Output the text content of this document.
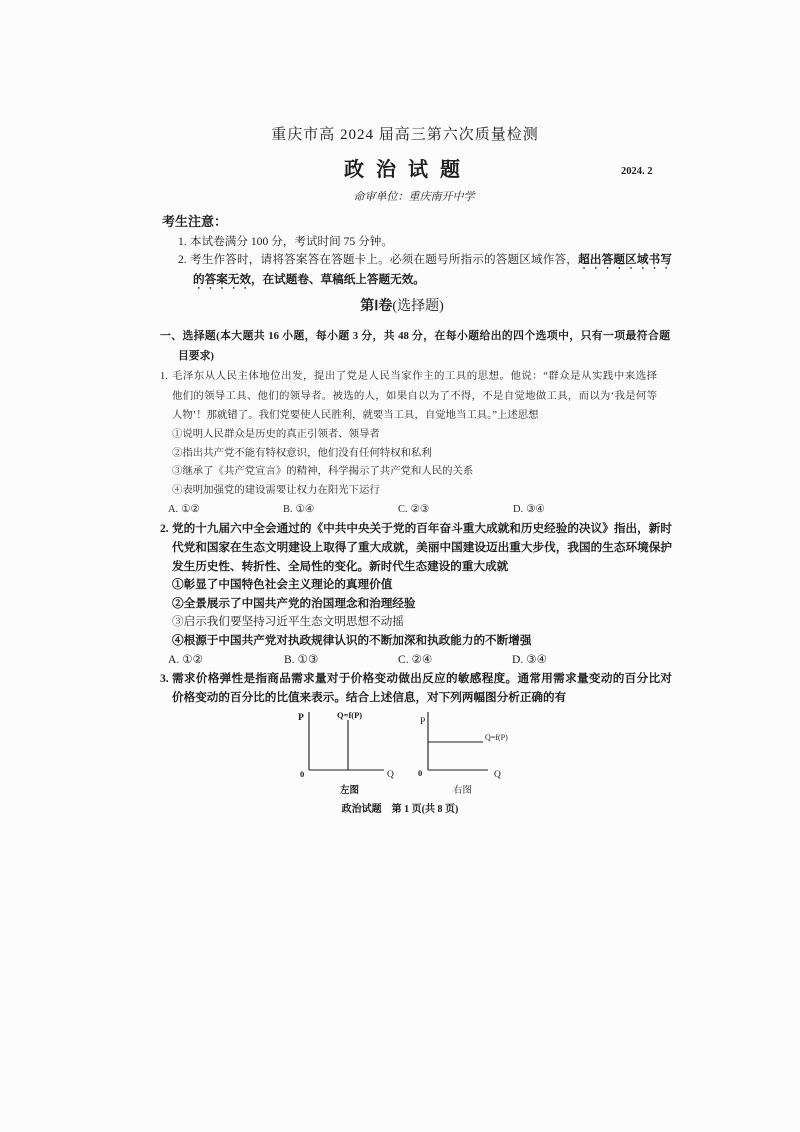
重庆市高 2024 届高三第六次质量检测
政治试题	2024. 2
命审单位：重庆南开中学
考生注意：
1. 本试卷满分 100 分，考试时间 75 分钟。
2. 考生作答时，请将答案答在答题卡上。必须在题号所指示的答题区域作答，超出答题区域书写
的答案无效，在试题卷、草稿纸上答题无效。
第Ⅰ卷(选择题)
一、选择题(本大题共 16 小题，每小题 3 分，共 48 分，在每小题给出的四个选项中，只有一项最符合题
目要求)
1. 毛泽东从人民主体地位出发，提出了党是人民当家作主的工具的思想。他说：“群众是从实践中来选择
他们的领导工具、他们的领导者。被选的人，如果自以为了不得，不是自觉地做工具，而以为‘我是何等
人物’！那就错了。我们党要使人民胜利，就要当工具，自觉地当工具。”上述思想
①说明人民群众是历史的真正引领者、领导者
②指出共产党不能有特权意识，他们没有任何特权和私利
③继承了《共产党宣言》的精神，科学揭示了共产党和人民的关系
④表明加强党的建设需要让权力在阳光下运行
A. ①②	B. ①④	C. ②③	D. ③④
2. 党的十九届六中全会通过的《中共中央关于党的百年奋斗重大成就和历史经验的决议》指出，新时
代党和国家在生态文明建设上取得了重大成就，美丽中国建设迈出重大步伐，我国的生态环境保护
发生历史性、转折性、全局性的变化。新时代生态建设的重大成就
①彰显了中国特色社会主义理论的真理价值
②全景展示了中国共产党的治国理念和治理经验
③启示我们要坚持习近平生态文明思想不动摇
④根源于中国共产党对执政规律认识的不断加深和执政能力的不断增强
A. ①②	B. ①③	C. ②④	D. ③④
3. 需求价格弹性是指商品需求量对于价格变动做出反应的敏感程度。通常用需求量变动的百分比对
价格变动的百分比的比值来表示。结合上述信息，对下列两幅图分析正确的有
P	Q=f(P)
0	Q
左图
P
Q=f(P)
0	Q
右图
政治试题　第 1 页(共 8 页)
